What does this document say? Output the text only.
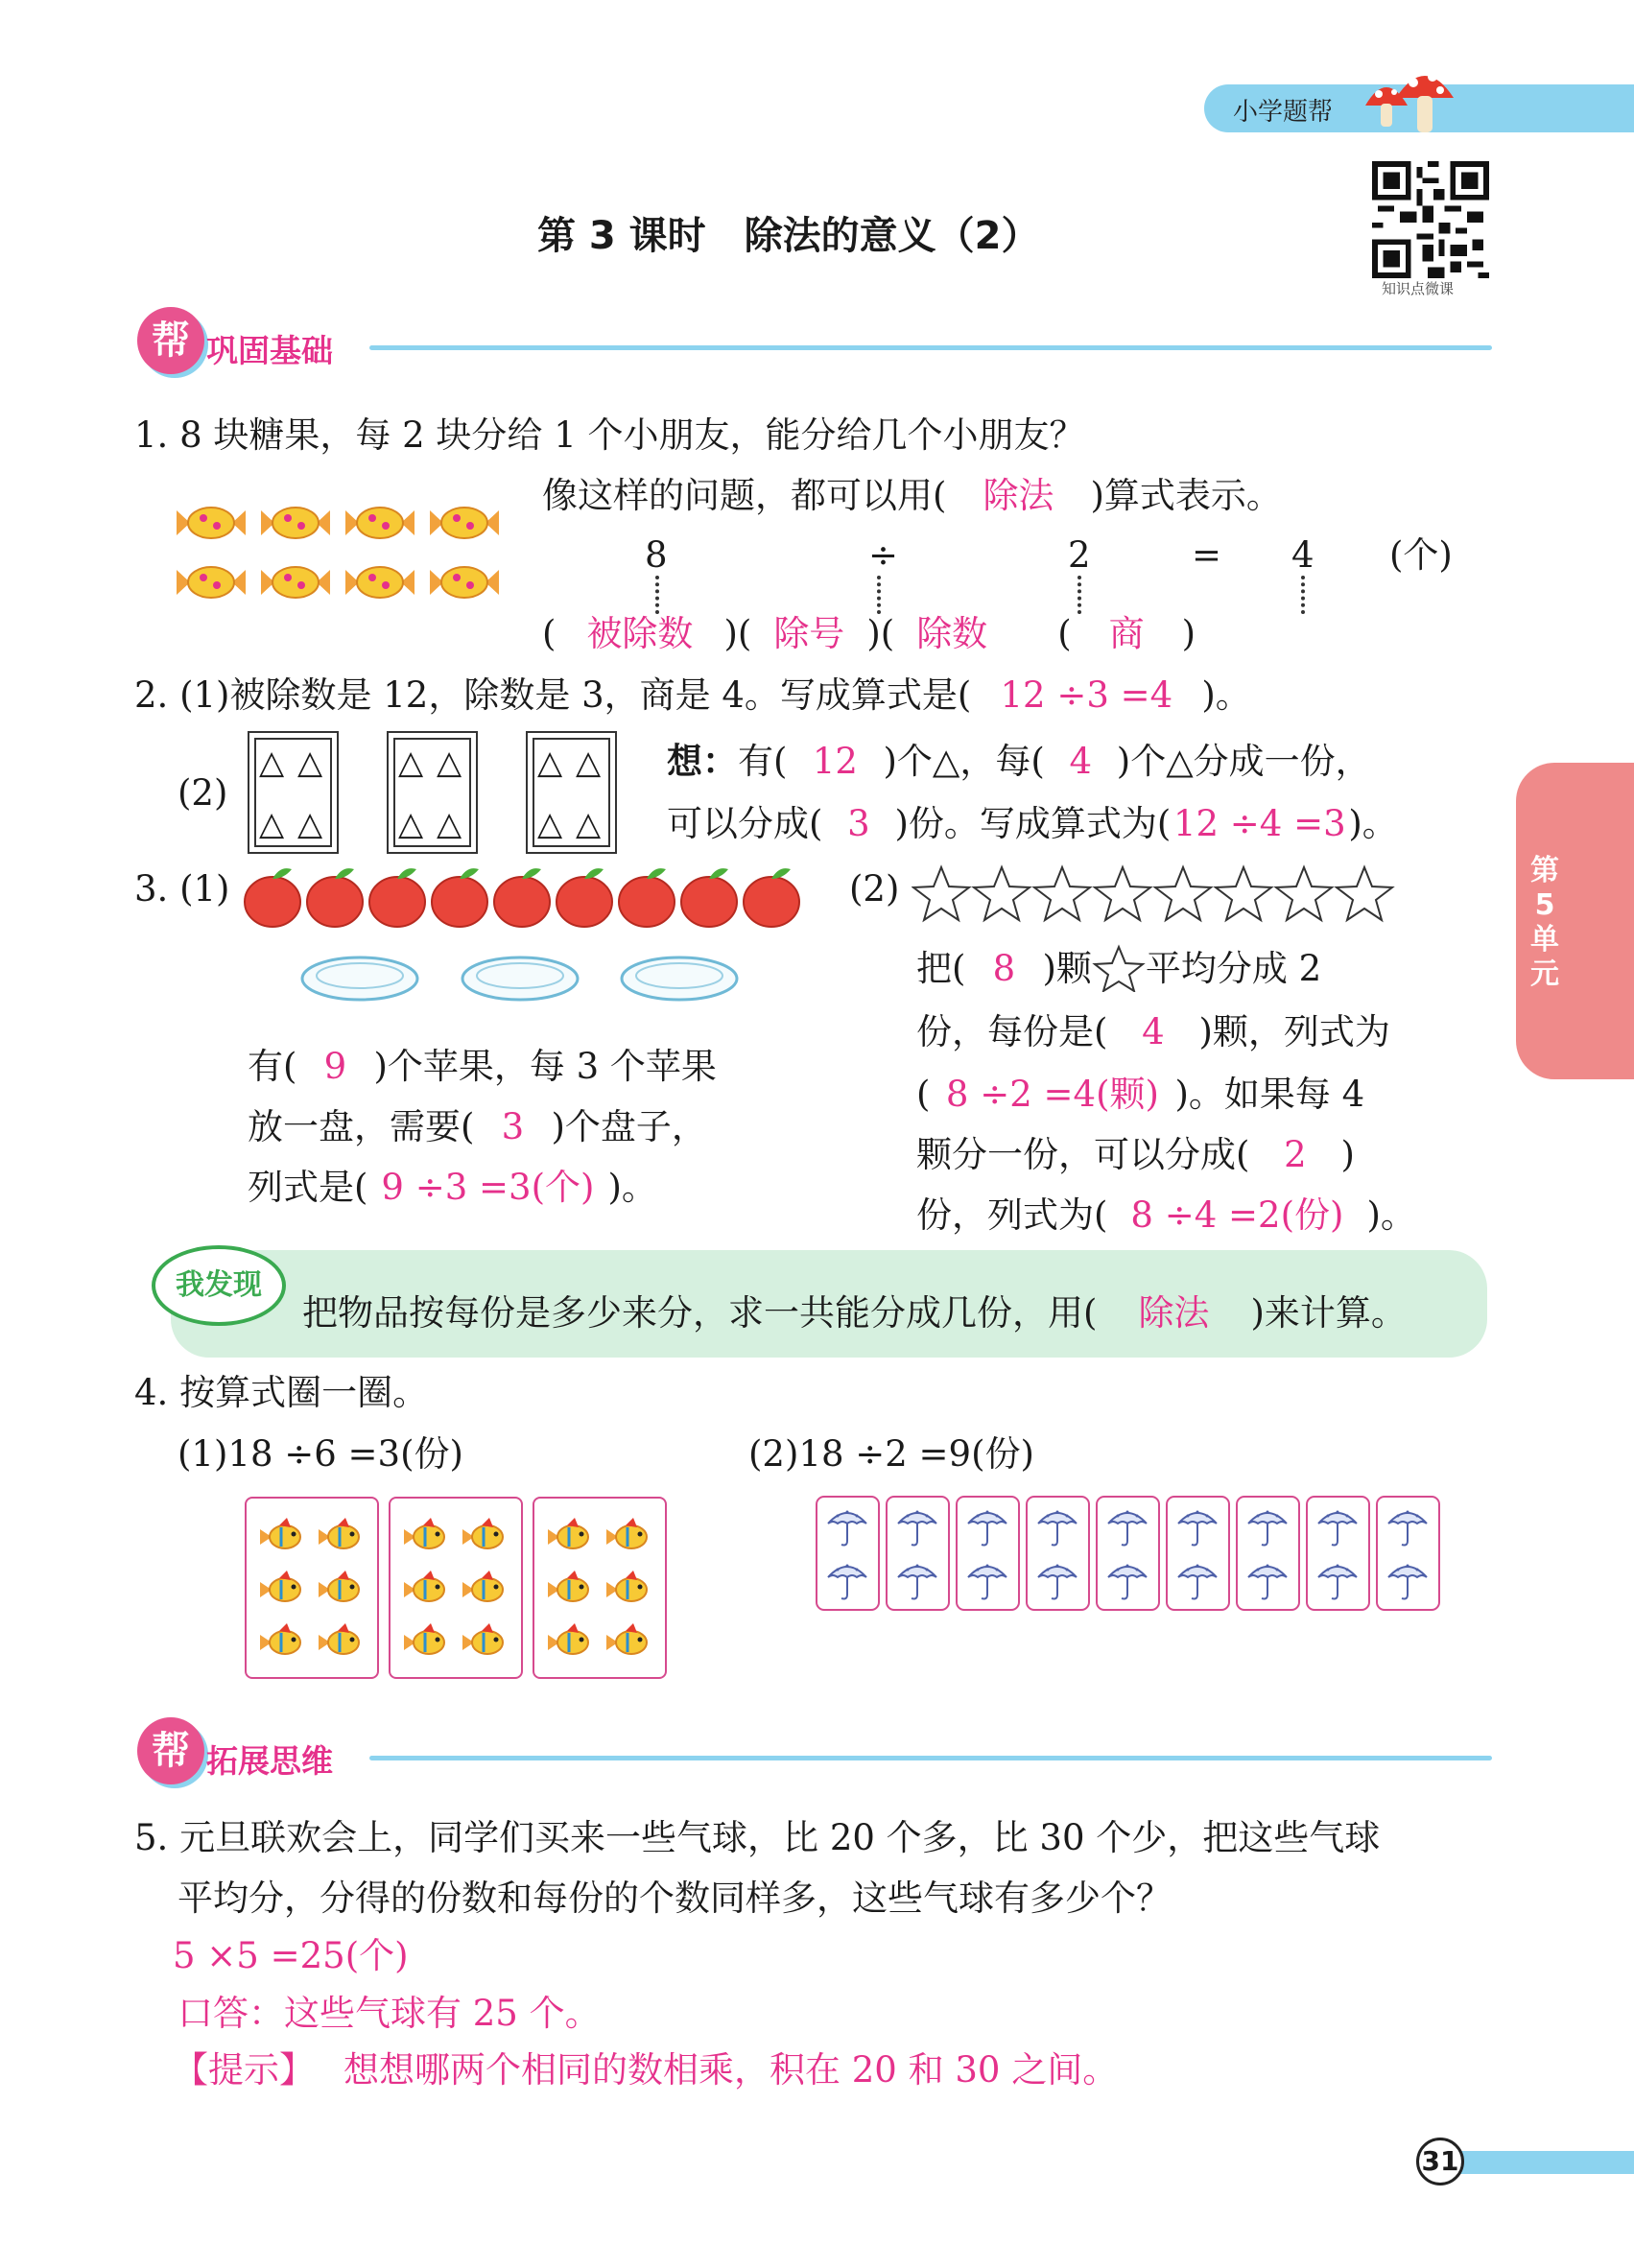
小学题帮
第 3 课时　除法的意义（2）
知识点微课
帮 巩固基础
第5单元
1. 8 块糖果，每 2 块分给 1 个小朋友，能分给几个小朋友？
像这样的问题，都可以用( 除法 )算式表示。
8	÷	2	= 4 (个)
( 被除数 )( 除号 )( 除数 ( 商 )
2. (1)被除数是 12，除数是 3，商是 4。写成算式是( 12 ÷3 =4 )。
(2)
△ △
△ △
△ △
△ △
△ △
△ △
想：有( 12 )个△，每( 4 )个△分成一份，
可以分成( 3 )份。写成算式为(12 ÷4 =3)。
3. (1)
有( 9 )个苹果，每 3 个苹果
放一盘，需要( 3 )个盘子，
列式是( 9 ÷3 =3(个) )。
(2)
把( 8 )颗 平均分成 2
份，每份是( 4 )颗，列式为
( 8 ÷2 =4(颗) )。如果每 4
颗分一份，可以分成( 2 )
份，列式为( 8 ÷4 =2(份) )。
我发现
把物品按每份是多少来分，求一共能分成几份，用( 除法 )来计算。
4. 按算式圈一圈。
(1)18 ÷6 =3(份)	(2)18 ÷2 =9(份)
帮 拓展思维
5. 元旦联欢会上，同学们买来一些气球，比 20 个多，比 30 个少，把这些气球
平均分，分得的份数和每份的个数同样多，这些气球有多少个？
5 ×5 =25(个)
口答：这些气球有 25 个。
【提示】 想想哪两个相同的数相乘，积在 20 和 30 之间。
31
